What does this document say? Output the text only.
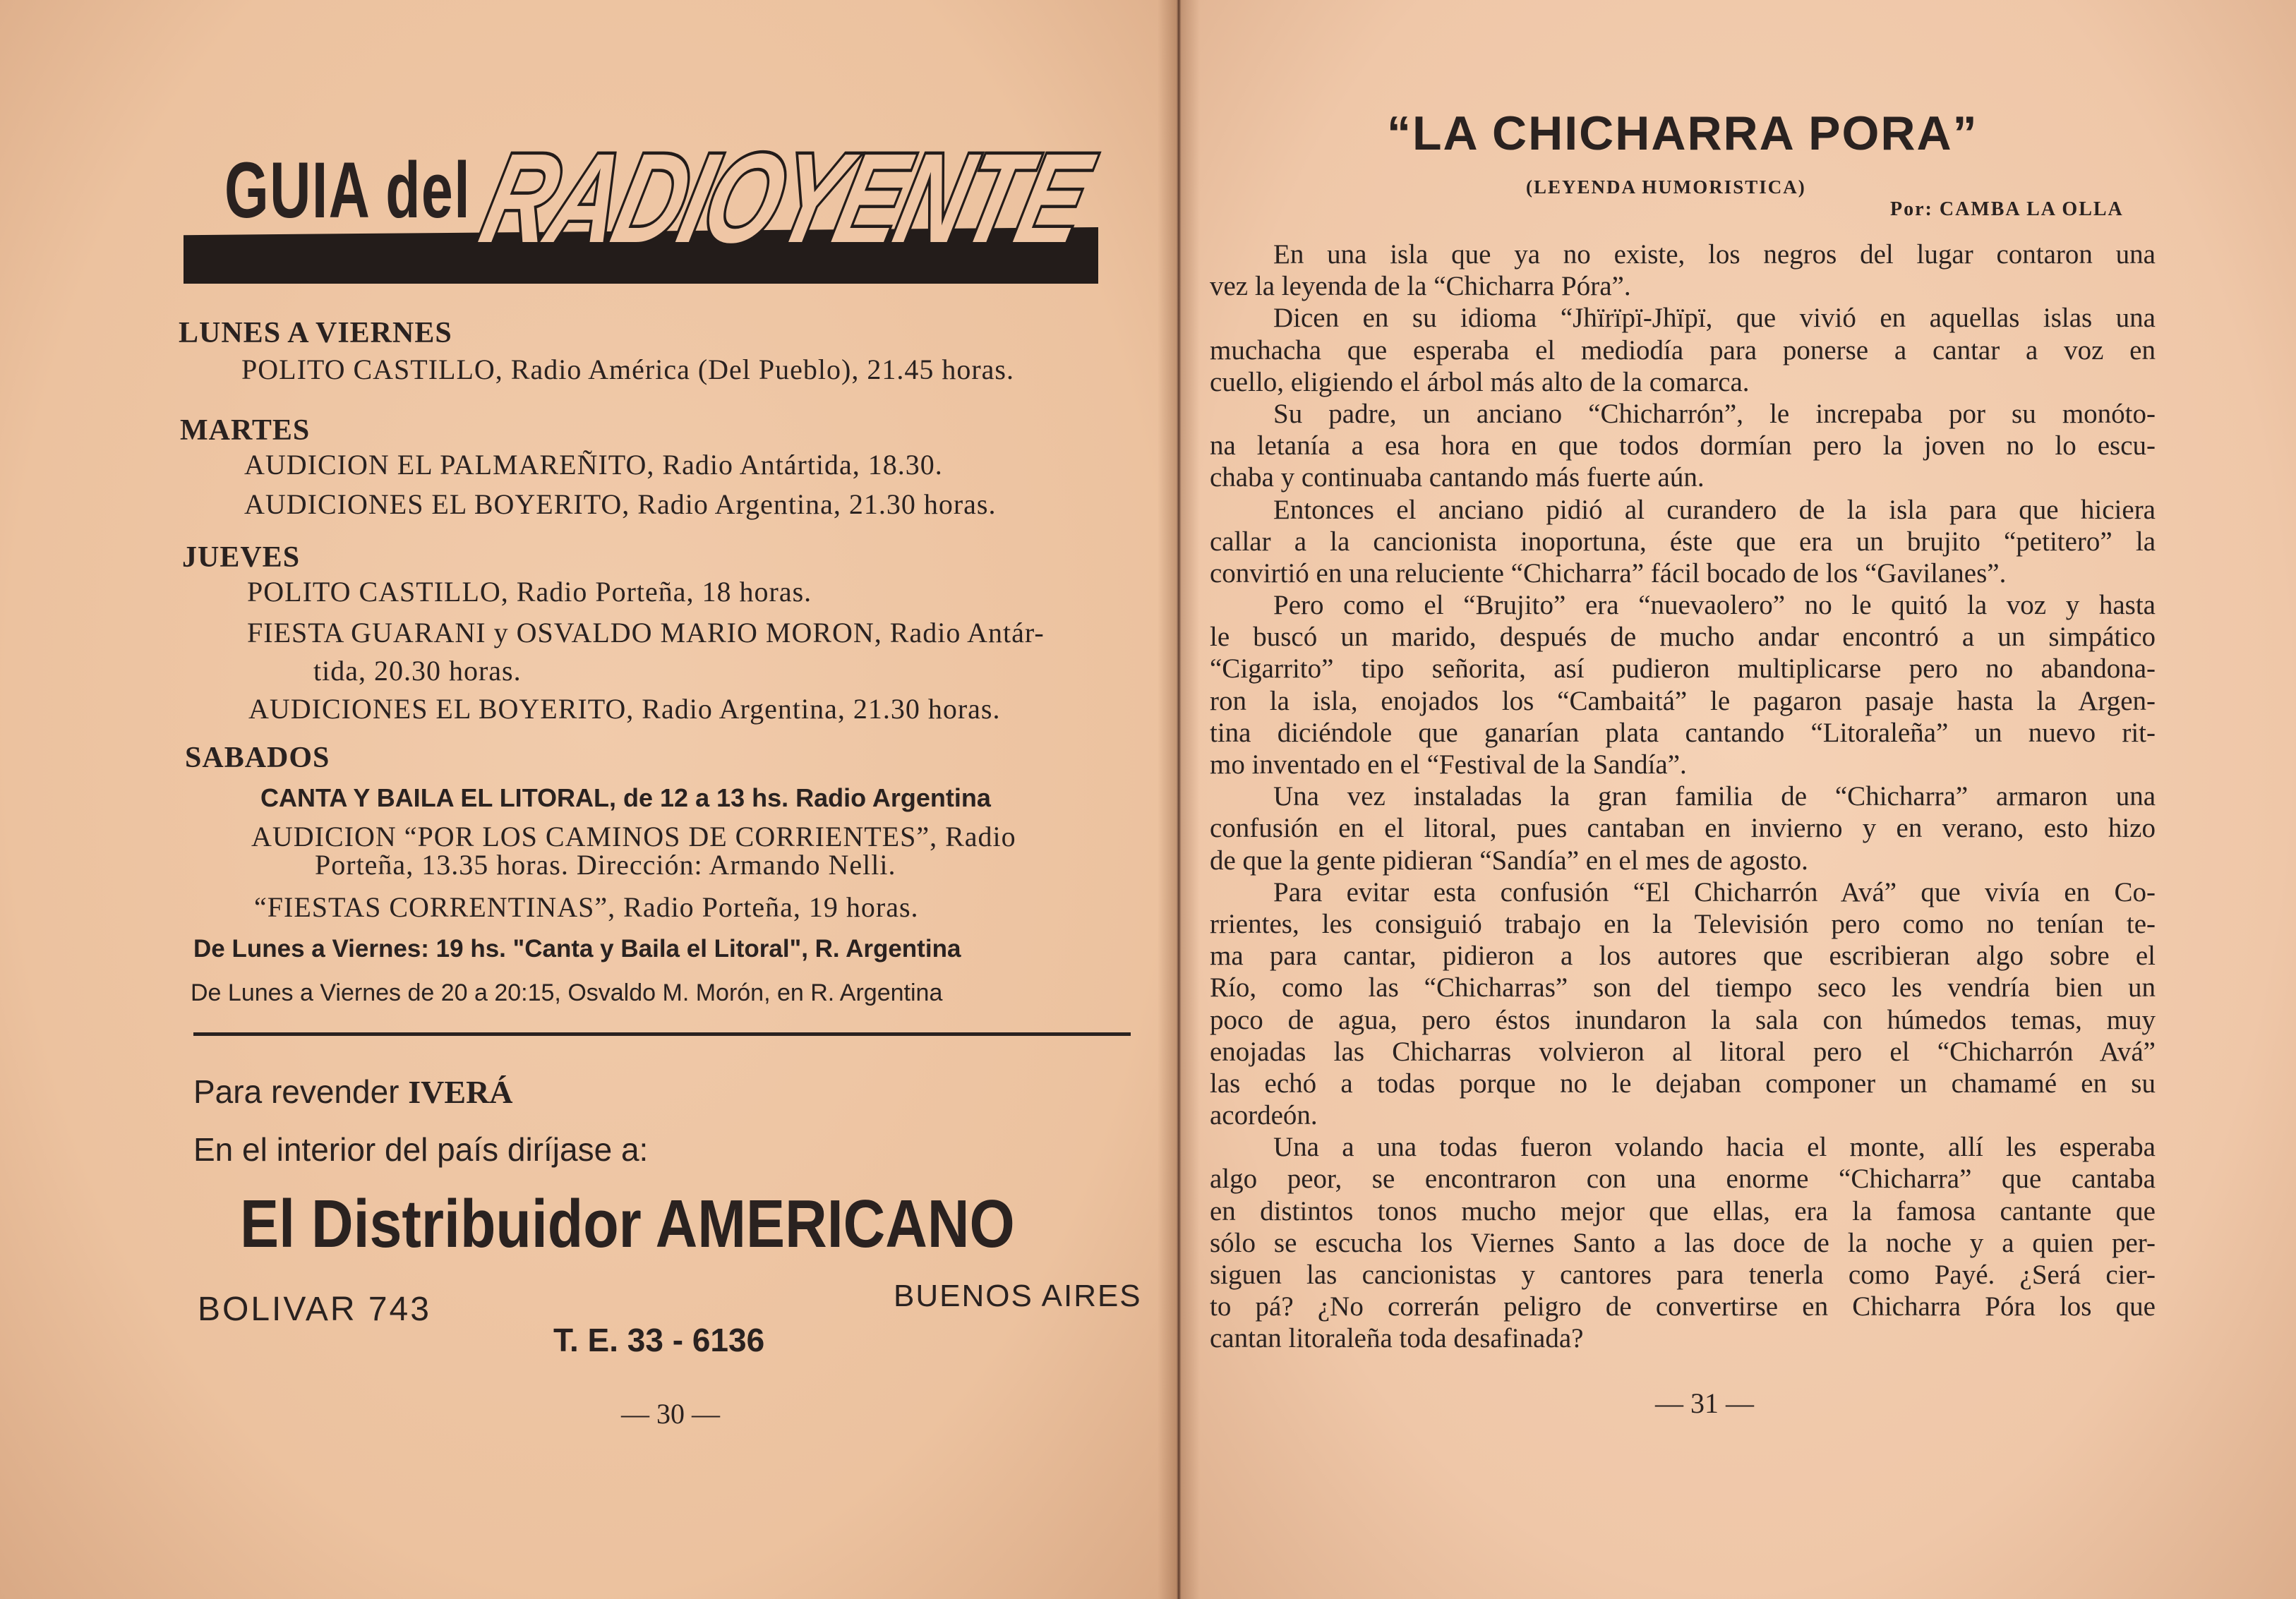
GUIA del
RADIOYENTE
LUNES A VIERNES
POLITO CASTILLO, Radio América (Del Pueblo), 21.45 horas.
MARTES
AUDICION EL PALMAREÑITO, Radio Antártida, 18.30.
AUDICIONES EL BOYERITO, Radio Argentina, 21.30 horas.
JUEVES
POLITO CASTILLO, Radio Porteña, 18 horas.
FIESTA GUARANI y OSVALDO MARIO MORON, Radio Antár-
tida, 20.30 horas.
AUDICIONES EL BOYERITO, Radio Argentina, 21.30 horas.
SABADOS
CANTA Y BAILA EL LITORAL, de 12 a 13 hs. Radio Argentina
AUDICION “POR LOS CAMINOS DE CORRIENTES”, Radio
Porteña, 13.35 horas. Dirección: Armando Nelli.
“FIESTAS CORRENTINAS”, Radio Porteña, 19 horas.
De Lunes a Viernes: 19 hs. "Canta y Baila el Litoral", R. Argentina
De Lunes a Viernes de 20 a 20:15, Osvaldo M. Morón, en R. Argentina
Para revender IVERÁ
En el interior del país diríjase a:
El Distribuidor AMERICANO
BOLIVAR 743	BUENOS AIRES
T. E. 33 - 6136
— 30 —
“LA CHICHARRA PORA”
(LEYENDA HUMORISTICA)
Por: CAMBA LA OLLA
En una isla que ya no existe, los negros del lugar contaron una
vez la leyenda de la “Chicharra Póra”.
Dicen en su idioma “Jhïrïpï-Jhïpï, que vivió en aquellas islas una
muchacha que esperaba el mediodía para ponerse a cantar a voz en
cuello, eligiendo el árbol más alto de la comarca.
Su padre, un anciano “Chicharrón”, le increpaba por su monóto-
na letanía a esa hora en que todos dormían pero la joven no lo escu-
chaba y continuaba cantando más fuerte aún.
Entonces el anciano pidió al curandero de la isla para que hiciera
callar a la cancionista inoportuna, éste que era un brujito “petitero” la
convirtió en una reluciente “Chicharra” fácil bocado de los “Gavilanes”.
Pero como el “Brujito” era “nuevaolero” no le quitó la voz y hasta
le buscó un marido, después de mucho andar encontró a un simpático
“Cigarrito” tipo señorita, así pudieron multiplicarse pero no abandona-
ron la isla, enojados los “Cambaitá” le pagaron pasaje hasta la Argen-
tina diciéndole que ganarían plata cantando “Litoraleña” un nuevo rit-
mo inventado en el “Festival de la Sandía”.
Una vez instaladas la gran familia de “Chicharra” armaron una
confusión en el litoral, pues cantaban en invierno y en verano, esto hizo
de que la gente pidieran “Sandía” en el mes de agosto.
Para evitar esta confusión “El Chicharrón Avá” que vivía en Co-
rrientes, les consiguió trabajo en la Televisión pero como no tenían te-
ma para cantar, pidieron a los autores que escribieran algo sobre el
Río, como las “Chicharras” son del tiempo seco les vendría bien un
poco de agua, pero éstos inundaron la sala con húmedos temas, muy
enojadas las Chicharras volvieron al litoral pero el “Chicharrón Avá”
las echó a todas porque no le dejaban componer un chamamé en su
acordeón.
Una a una todas fueron volando hacia el monte, allí les esperaba
algo peor, se encontraron con una enorme “Chicharra” que cantaba
en distintos tonos mucho mejor que ellas, era la famosa cantante que
sólo se escucha los Viernes Santo a las doce de la noche y a quien per-
siguen las cancionistas y cantores para tenerla como Payé. ¿Será cier-
to pá? ¿No correrán peligro de convertirse en Chicharra Póra los que
cantan litoraleña toda desafinada?
— 31 —
